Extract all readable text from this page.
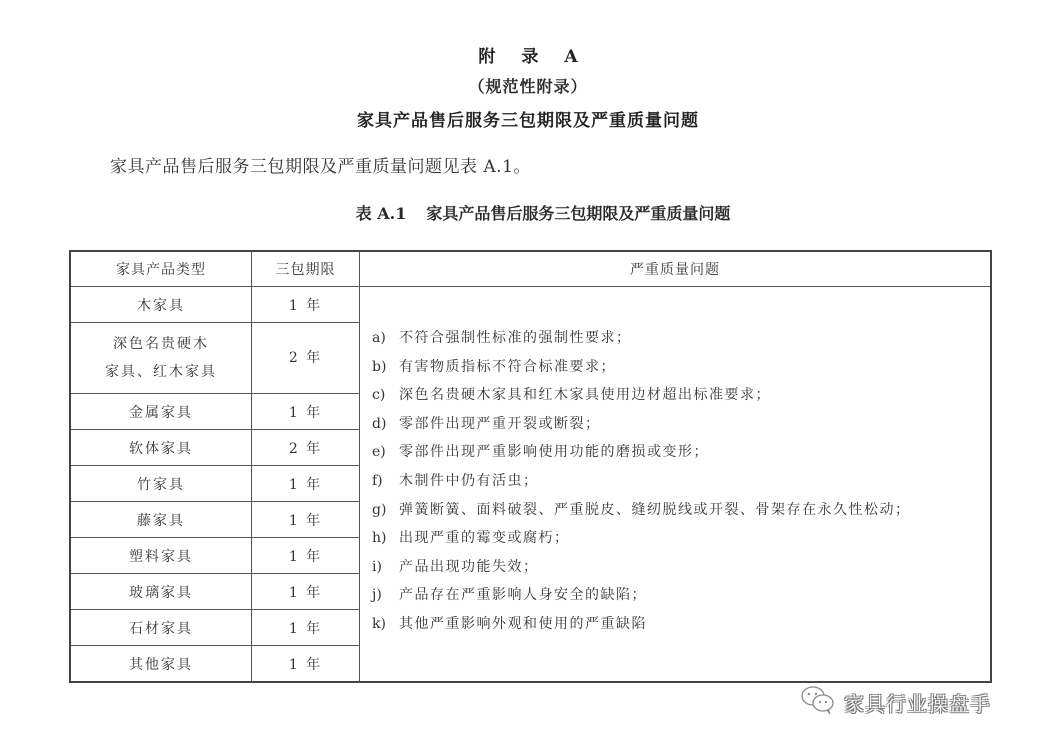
附 录 A
（规范性附录）
家具产品售后服务三包期限及严重质量问题
家具产品售后服务三包期限及严重质量问题见表 A.1。
表 A.1 家具产品售后服务三包期限及严重质量问题
家具产品类型	三包期限	严重质量问题
木家具	1 年	
a) 不符合强制性标准的强制性要求；
b) 有害物质指标不符合标准要求；
c) 深色名贵硬木家具和红木家具使用边材超出标准要求；
d) 零部件出现严重开裂或断裂；
e) 零部件出现严重影响使用功能的磨损或变形；
f) 木制件中仍有活虫；
g) 弹簧断簧、面料破裂、严重脱皮、缝纫脱线或开裂、骨架存在永久性松动；
h) 出现严重的霉变或腐朽；
i) 产品出现功能失效；
j) 产品存在严重影响人身安全的缺陷；
k) 其他严重影响外观和使用的严重缺陷

深色名贵硬木
家具、红木家具	2 年	
金属家具	1 年	
软体家具	2 年	
竹家具	1 年	
藤家具	1 年	
塑料家具	1 年	
玻璃家具	1 年	
石材家具	1 年	
其他家具	1 年	
家具行业操盘手
